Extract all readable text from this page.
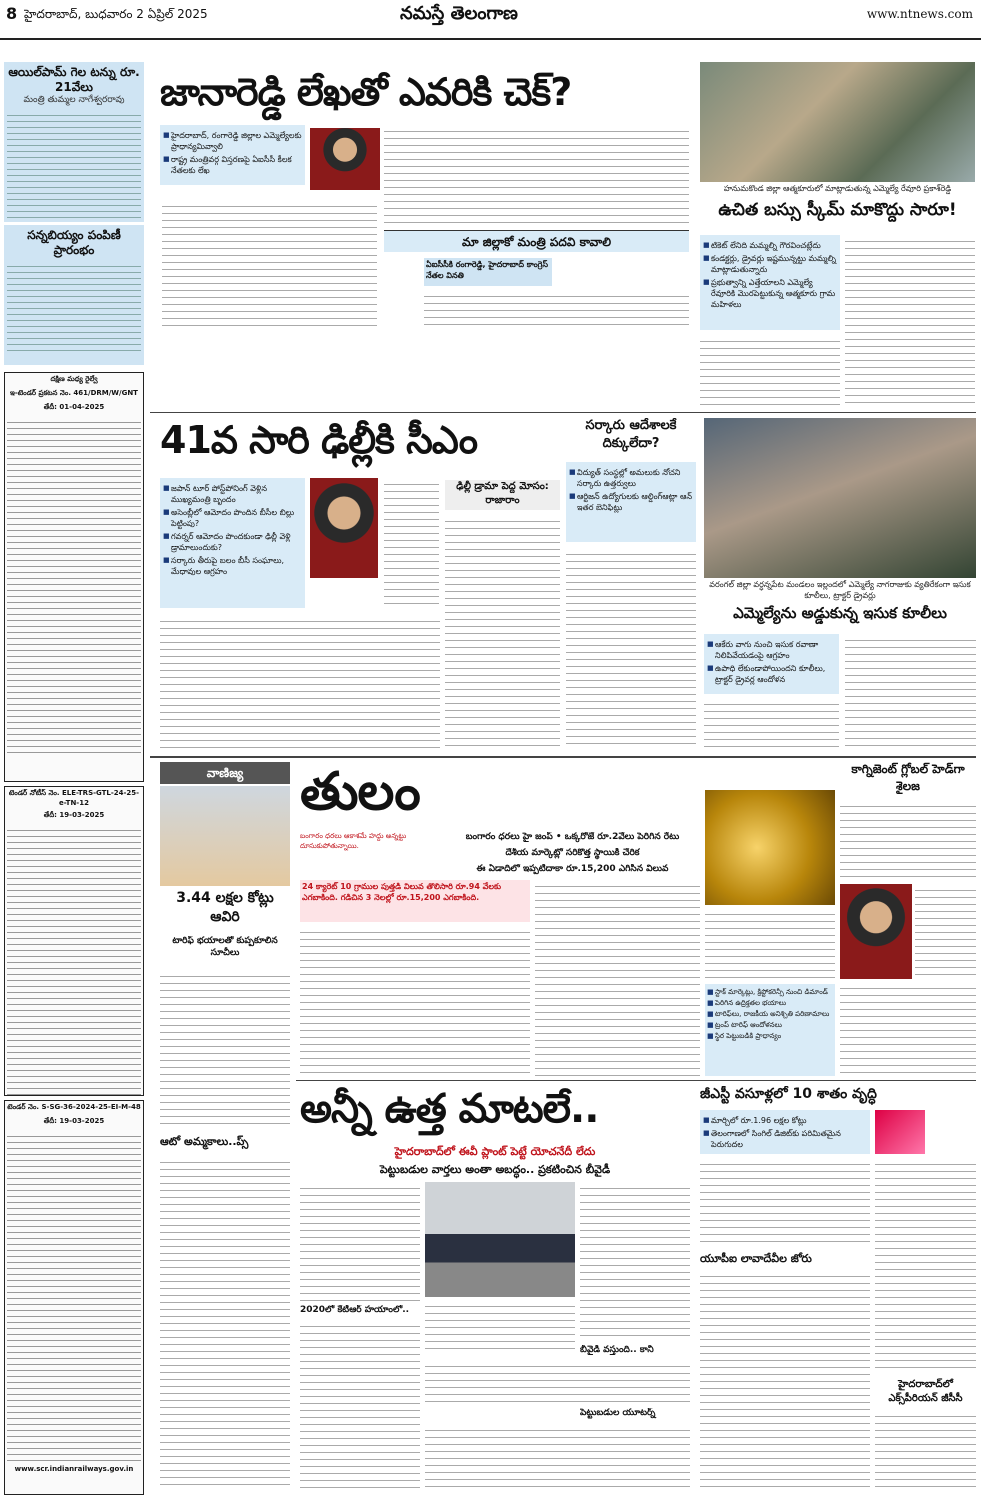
8 హైదరాబాద్, బుధవారం 2 ఏప్రిల్ 2025	నమస్తే తెలంగాణ	www.ntnews.com
ఆయిల్‌పామ్ గెల టన్ను రూ. 21వేలు
మంత్రి తుమ్మల నాగేశ్వరరావు
సన్నబియ్యం పంపిణీ ప్రారంభం
దక్షిణ మధ్య రైల్వే
ఇ-టెండర్ ప్రకటన నెం. 461/DRM/W/GNT
తేదీ: 01-04-2025
టెండర్ నోటీస్ నెం. ELE-TRS-GTL-24-25-e-TN-12
తేదీ: 19-03-2025
టెండర్ నెం. S-SG-36-2024-25-EI-M-48
తేదీ: 19-03-2025
www.scr.indianrailways.gov.in
జానారెడ్డి లేఖతో ఎవరికి చెక్?
■ హైదరాబాద్, రంగారెడ్డి జిల్లాల ఎమ్మెల్యేలకు ప్రాధాన్యమివ్వాలి
■ రాష్ట్ర మంత్రివర్గ విస్తరణపై ఏఐసీసీ కీలక నేతలకు లేఖ
మా జిల్లాకో మంత్రి పదవి కావాలి
ఏఐసీసీకి రంగారెడ్డి, హైదరాబాద్ కాంగ్రెస్ నేతల వినతి
హనుమకొండ జిల్లా ఆత్మకూరులో మాట్లాడుతున్న ఎమ్మెల్యే రేవూరి ప్రకాశ్‌రెడ్డి
ఉచిత బస్సు స్కీమ్ మాకొద్దు సారూ!
■ టికెట్ లేనిది మమ్మల్ని గౌరవించట్లేదు
■ కండక్టర్లు, డ్రైవర్లు ఇష్టమున్నట్టు మమ్మల్ని మాట్లాడుతున్నారు
■ ప్రభుత్వాన్ని ఎత్తేయాలని ఎమ్మెల్యే రేవూరికి మొరపెట్టుకున్న ఆత్మకూరు గ్రామ మహిళలు
41వ సారి ఢిల్లీకి సీఎం
■ జపాన్ టూర్ పోస్ట్‌పోనింగ్ వెళ్లిన ముఖ్యమంత్రి బృందం
■ అసెంబ్లీలో ఆమోదం పొందిన బీసీల బిల్లు పెట్టింపు?
■ గవర్నర్ ఆమోదం పొందకుండా ఢిల్లీ వెళ్లి డ్రామాలుందుకు?
■ సర్కారు తీరుపై బలం బీసీ సంఘాలు, మేధావుల ఆగ్రహం
ఢిల్లీ డ్రామా పెద్ద మోసం: రాజారాం
సర్కారు ఆదేశాలకే దిక్కులేదా?
■ విద్యుత్ సంస్థల్లో అమలుకు నోచని సర్కారు ఉత్తర్వులు
■ ఆర్టిజన్ ఉద్యోగులకు ఆల్డింగ్‌ఆట్లా ఆన్ ఇతర బెనిఫిట్లు
వరంగల్ జిల్లా వర్ధన్నపేట మండలం ఇల్లందలో ఎమ్మెల్యే నాగరాజుకు వ్యతిరేకంగా ఇసుక కూలీలు, ట్రాక్టర్ డ్రైవర్లు
ఎమ్మెల్యేను అడ్డుకున్న ఇసుక కూలీలు
■ ఆకేరు వాగు నుంచి ఇసుక రవాణా నిలిపివేయడంపై ఆగ్రహం
■ ఉపాధి లేకుండాపోయిందని కూలీలు, ట్రాక్టర్ డ్రైవర్ల ఆందోళన
వాణిజ్య
3.44 లక్షల కోట్లు ఆవిరి
టారిఫ్ భయాలతో కుప్పకూలిన సూచీలు
ఆటో అమ్మకాలు..ప్స్
తులం
బంగారం ధరలు ఆకాశమే హద్దు అన్నట్టు దూసుకుపోతున్నాయి.
బంగారం ధరలు హై జంప్ • ఒక్కరోజే రూ.2వేలు పెరిగిన రేటు
దేశీయ మార్కెట్లో సరికొత్త స్థాయికి చేరిక
ఈ ఏడాదిలో ఇప్పటిదాకా రూ.15,200 ఎగిసిన విలువ
24 క్యారెట్ 10 గ్రాముల పుత్తడి విలువ తొలిసారి రూ.94 వేలకు ఎగబాకింది. గడిచిన 3 నెలల్లో రూ.15,200 ఎగబాకింది.
■ స్టాక్ మార్కెట్లు, క్రిప్టోకరెన్సీ నుంచి డిమాండ్
■ పెరిగిన ఉద్రిక్తతల భయాలు
■ టారిఫ్‌లు, రాజకీయ అనిశ్చితి పరిణామాలు
■ ట్రంప్ టారిఫ్ ఆందోళనలు
■ స్థిర పెట్టుబడికి ప్రాధాన్యం
కాగ్నిజెంట్ గ్లోబల్ హెడ్‌గా శైలజ
అన్నీ ఉత్త మాటలే..
హైదరాబాద్‌లో ఈవీ ప్లాంట్ పెట్టే యోచనేదీ లేదు
పెట్టుబడుల వార్తలు అంతా అబద్ధం.. ప్రకటించిన బీవైడీ
2020లో కేటీఆర్ హయాంలో..
బీవైడీ వస్తుంది.. కానీ
పెట్టుబడుల యూటర్న్
జీఎస్టీ వసూళ్లలో 10 శాతం వృద్ధి
■ మార్చిలో రూ.1.96 లక్షల కోట్లు
■ తెలంగాణలో సింగిల్ డిజిట్‌కు పరిమితమైన పెరుగుదల
యూపీఐ లావాదేవీల జోరు
హైదరాబాద్‌లో ఎక్స్‌పీరియన్ జీసీసీ
